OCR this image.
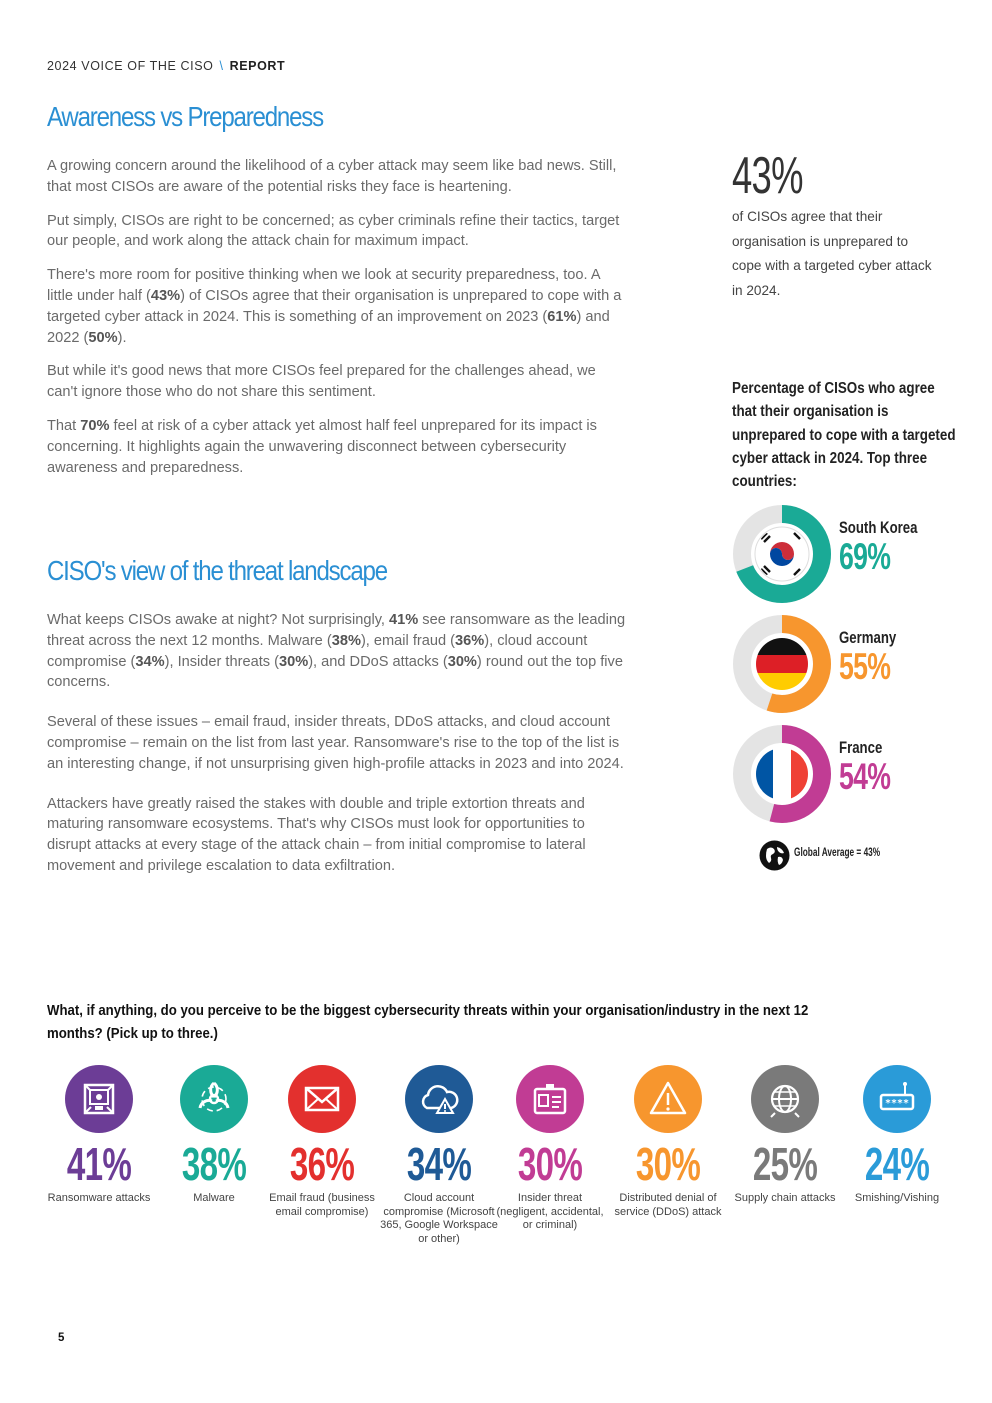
2024 VOICE OF THE CISO \ REPORT
Awareness vs Preparedness

A growing concern around the likelihood of a cyber attack may seem like bad news. Still, that most CISOs are aware of the potential risks they face is heartening.

Put simply, CISOs are right to be concerned; as cyber criminals refine their tactics, target our people, and work along the attack chain for maximum impact.

There's more room for positive thinking when we look at security preparedness, too. A little under half (43%) of CISOs agree that their organisation is unprepared to cope with a targeted cyber attack in 2024. This is something of an improvement on 2023 (61%) and 2022 (50%).

But while it's good news that more CISOs feel prepared for the challenges ahead, we can't ignore those who do not share this sentiment.

That 70% feel at risk of a cyber attack yet almost half feel unprepared for its impact is concerning. It highlights again the unwavering disconnect between cybersecurity awareness and preparedness.

CISO's view of the threat landscape

What keeps CISOs awake at night? Not surprisingly, 41% see ransomware as the leading threat across the next 12 months. Malware (38%), email fraud (36%), cloud account compromise (34%), Insider threats (30%), and DDoS attacks (30%) round out the top five concerns.

Several of these issues – email fraud, insider threats, DDoS attacks, and cloud account compromise – remain on the list from last year. Ransomware's rise to the top of the list is an interesting change, if not unsurprising given high-profile attacks in 2023 and into 2024.

Attackers have greatly raised the stakes with double and triple extortion threats and maturing ransomware ecosystems. That's why CISOs must look for opportunities to disrupt attacks at every stage of the attack chain – from initial compromise to lateral movement and privilege escalation to data exfiltration.

43%
of CISOs agree that their organisation is unprepared to cope with a targeted cyber attack in 2024.
Percentage of CISOs who agree that their organisation is unprepared to cope with a targeted cyber attack in 2024. Top three countries:
South Korea
69%
Germany
55%
France
54%
Global Average = 43%
What, if anything, do you perceive to be the biggest cybersecurity threats within your organisation/industry in the next 12 months? (Pick up to three.)
41%
Ransomware attacks
38%
Malware
36%
Email fraud (business email compromise)
34%
Cloud account compromise (Microsoft 365, Google Workspace or other)
30%
Insider threat (negligent, accidental, or criminal)
30%
Distributed denial of service (DDoS) attack
25%
Supply chain attacks
****
24%
Smishing/Vishing
5
